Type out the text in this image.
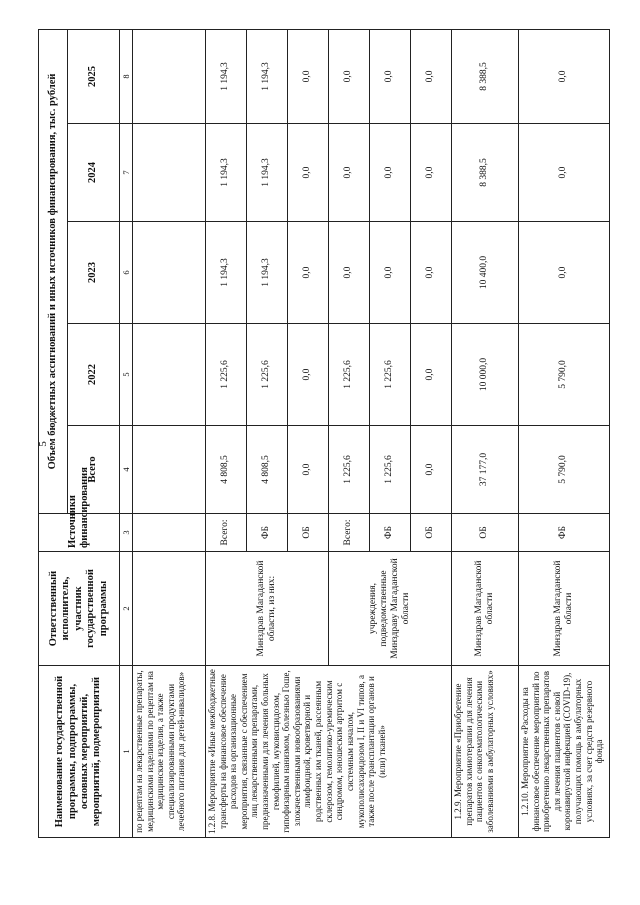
5
Наименование государственной программы, подпрограммы, основных мероприятий, мероприятий, подмероприятий	Ответственный исполнитель, участник государственной программы	Источники финансирования	Объем бюджетных ассигнований и иных источников финансирования, тыс. рублей				
			Всего	2022	2023	2024	2025
1	2	3	4	5	6	7	8
по рецептам на лекарственные препараты, медицинскими изделиями по рецептам на медицинские изделия, а также специализированными продуктами лечебного питания для детей-инвалидов»							
1.2.8. Мероприятие «Иные межбюджетные трансферты на финансовое обеспечение расходов на организационные мероприятия, связанные с обеспечением лиц лекарственными препаратами, предназначенными для лечения больных гемофилией, муковисцидозом, гипофизарным нанизмом, болезнью Гоше, злокачественными новообразованиями лимфоидной, кроветворной и родственных им тканей, рассеянным склерозом, гемолитико-уремическим синдромом, юношеским артритом с системным началом, мукополисахаридозом I, II и VI типов, а также после трансплантации органов и (или) тканей»	Минздрав Магаданской области, из них:	Всего:	4 808,5	1 225,6	1 194,3	1 194,3	1 194,3
		ФБ	4 808,5	1 225,6	1 194,3	1 194,3	1 194,3
		ОБ	0,0	0,0	0,0	0,0	0,0
	учреждения, подведомственные Минздраву Магаданской области	Всего:	1 225,6	1 225,6	0,0	0,0	0,0
		ФБ	1 225,6	1 225,6	0,0	0,0	0,0
		ОБ	0,0	0,0	0,0	0,0	0,0
1.2.9. Мероприятие «Приобретение препаратов химиотерапии для лечения пациентов с онкогематологическими заболеваниями в амбулаторных условиях»	Минздрав Магаданской области	ОБ	37 177,0	10 000,0	10 400,0	8 388,5	8 388,5
1.2.10. Мероприятие «Расходы на финансовое обеспечение мероприятий по приобретению лекарственных препаратов для лечения пациентов с новой коронавирусной инфекцией (COVID-19), получающих помощь в амбулаторных условиях, за счет средств резервного фонда	Минздрав Магаданской области	ФБ	5 790,0	5 790,0	0,0	0,0	0,0
